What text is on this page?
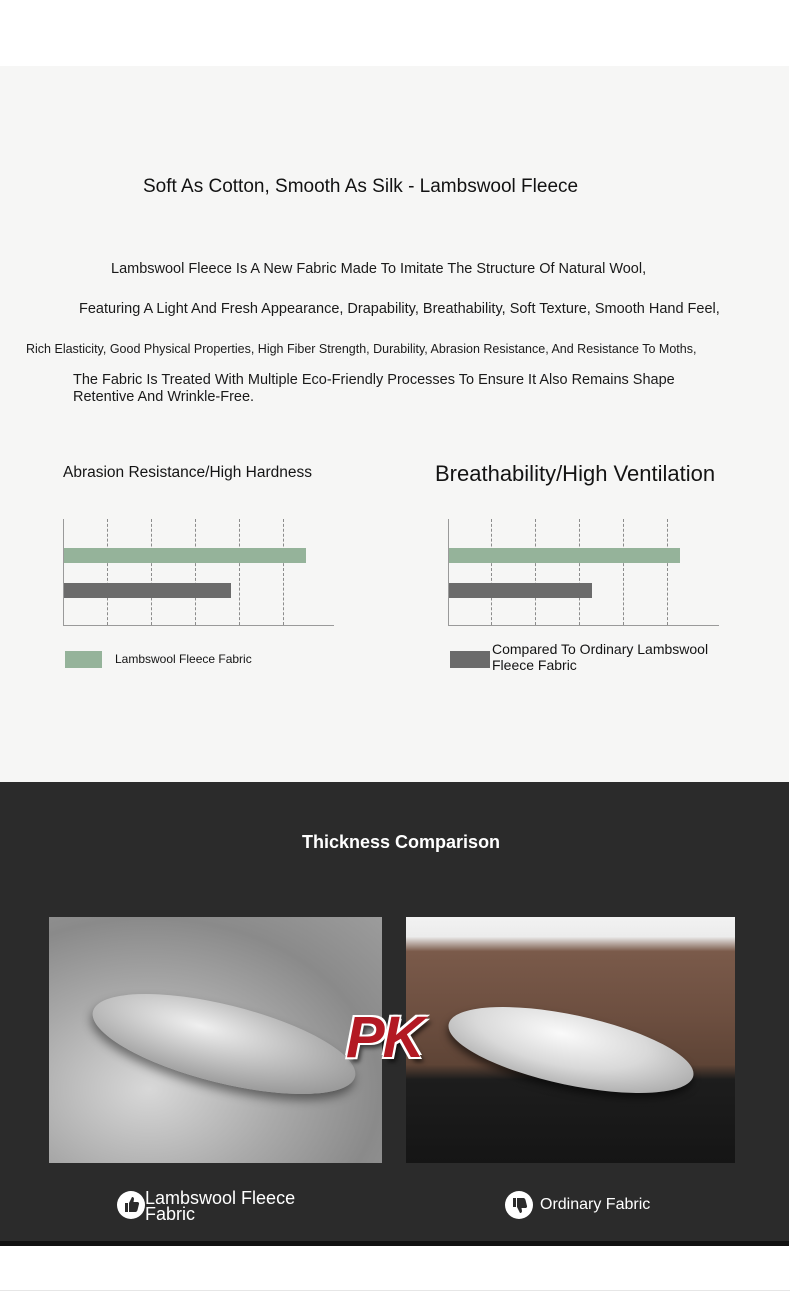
Soft As Cotton, Smooth As Silk - Lambswool Fleece
Lambswool Fleece Is A New Fabric Made To Imitate The Structure Of Natural Wool,
Featuring A Light And Fresh Appearance, Drapability, Breathability, Soft Texture, Smooth Hand Feel,
Rich Elasticity, Good Physical Properties, High Fiber Strength, Durability, Abrasion Resistance, And Resistance To Moths,
The Fabric Is Treated With Multiple Eco-Friendly Processes To Ensure It Also Remains Shape Retentive And Wrinkle-Free.
Abrasion Resistance/High Hardness	Breathability/High Ventilation
Lambswool Fleece Fabric
Compared To Ordinary Lambswool Fleece Fabric
Thickness Comparison
PK
Lambswool Fleece Fabric	Ordinary Fabric
